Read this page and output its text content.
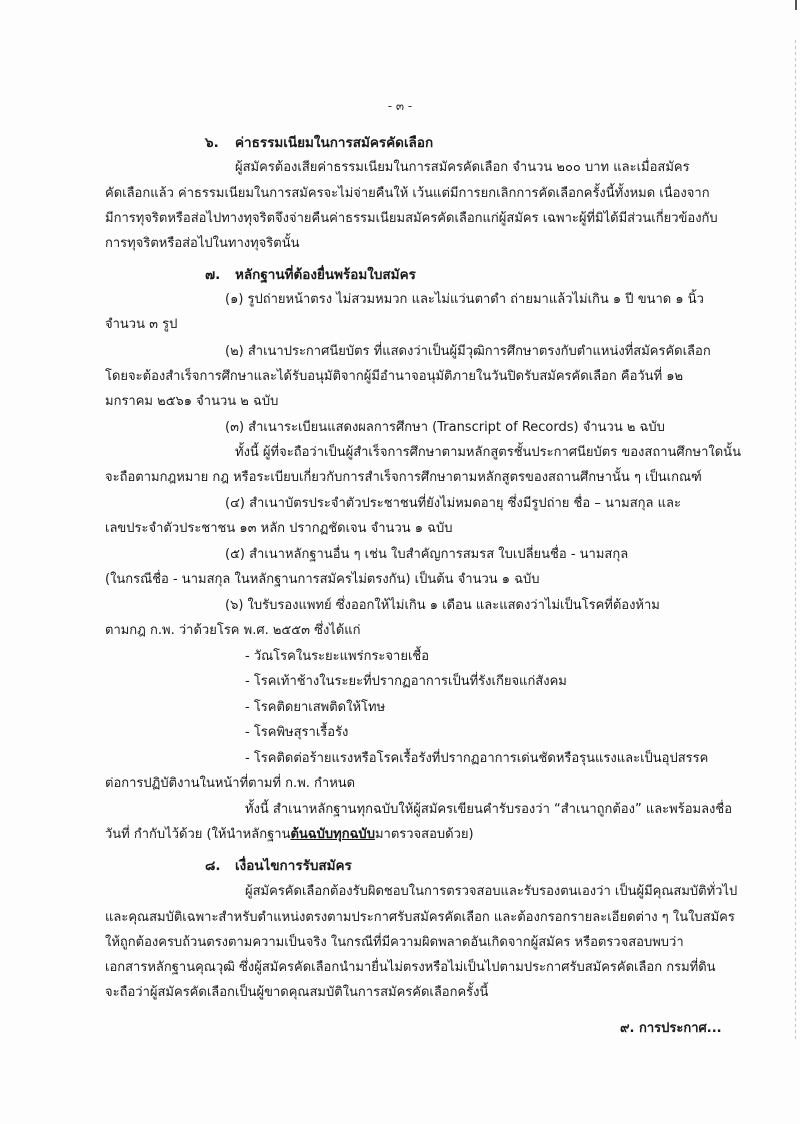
- ๓ -
๖. ค่าธรรมเนียมในการสมัครคัดเลือก
ผู้สมัครต้องเสียค่าธรรมเนียมในการสมัครคัดเลือก จำนวน ๒๐๐ บาท และเมื่อสมัคร
คัดเลือกแล้ว ค่าธรรมเนียมในการสมัครจะไม่จ่ายคืนให้ เว้นแต่มีการยกเลิกการคัดเลือกครั้งนี้ทั้งหมด เนื่องจาก
มีการทุจริตหรือส่อไปทางทุจริตจึงจ่ายคืนค่าธรรมเนียมสมัครคัดเลือกแก่ผู้สมัคร เฉพาะผู้ที่มิได้มีส่วนเกี่ยวข้องกับ
การทุจริตหรือส่อไปในทางทุจริตนั้น
๗. หลักฐานที่ต้องยื่นพร้อมใบสมัคร
(๑) รูปถ่ายหน้าตรง ไม่สวมหมวก และไม่แว่นตาดำ ถ่ายมาแล้วไม่เกิน ๑ ปี ขนาด ๑ นิ้ว
จำนวน ๓ รูป
(๒) สำเนาประกาศนียบัตร ที่แสดงว่าเป็นผู้มีวุฒิการศึกษาตรงกับตำแหน่งที่สมัครคัดเลือก
โดยจะต้องสำเร็จการศึกษาและได้รับอนุมัติจากผู้มีอำนาจอนุมัติภายในวันปิดรับสมัครคัดเลือก คือวันที่ ๑๒
มกราคม ๒๕๖๑ จำนวน ๒ ฉบับ
(๓) สำเนาระเบียนแสดงผลการศึกษา (Transcript of Records) จำนวน ๒ ฉบับ
ทั้งนี้ ผู้ที่จะถือว่าเป็นผู้สำเร็จการศึกษาตามหลักสูตรชั้นประกาศนียบัตร ของสถานศึกษาใดนั้น
จะถือตามกฎหมาย กฎ หรือระเบียบเกี่ยวกับการสำเร็จการศึกษาตามหลักสูตรของสถานศึกษานั้น ๆ เป็นเกณฑ์
(๔) สำเนาบัตรประจำตัวประชาชนที่ยังไม่หมดอายุ ซึ่งมีรูปถ่าย ชื่อ – นามสกุล และ
เลขประจำตัวประชาชน ๑๓ หลัก ปรากฏชัดเจน จำนวน ๑ ฉบับ
(๕) สำเนาหลักฐานอื่น ๆ เช่น ใบสำคัญการสมรส ใบเปลี่ยนชื่อ - นามสกุล
(ในกรณีชื่อ - นามสกุล ในหลักฐานการสมัครไม่ตรงกัน) เป็นต้น จำนวน ๑ ฉบับ
(๖) ใบรับรองแพทย์ ซึ่งออกให้ไม่เกิน ๑ เดือน และแสดงว่าไม่เป็นโรคที่ต้องห้าม
ตามกฎ ก.พ. ว่าด้วยโรค พ.ศ. ๒๕๕๓ ซึ่งได้แก่
- วัณโรคในระยะแพร่กระจายเชื้อ
- โรคเท้าช้างในระยะที่ปรากฏอาการเป็นที่รังเกียจแก่สังคม
- โรคติดยาเสพติดให้โทษ
- โรคพิษสุราเรื้อรัง
- โรคติดต่อร้ายแรงหรือโรคเรื้อรังที่ปรากฏอาการเด่นชัดหรือรุนแรงและเป็นอุปสรรค
ต่อการปฏิบัติงานในหน้าที่ตามที่ ก.พ. กำหนด
ทั้งนี้ สำเนาหลักฐานทุกฉบับให้ผู้สมัครเขียนคำรับรองว่า “สำเนาถูกต้อง” และพร้อมลงชื่อ
วันที่ กำกับไว้ด้วย (ให้นำหลักฐานต้นฉบับทุกฉบับมาตรวจสอบด้วย)
๘. เงื่อนไขการรับสมัคร
ผู้สมัครคัดเลือกต้องรับผิดชอบในการตรวจสอบและรับรองตนเองว่า เป็นผู้มีคุณสมบัติทั่วไป
และคุณสมบัติเฉพาะสำหรับตำแหน่งตรงตามประกาศรับสมัครคัดเลือก และต้องกรอกรายละเอียดต่าง ๆ ในใบสมัคร
ให้ถูกต้องครบถ้วนตรงตามความเป็นจริง ในกรณีที่มีความผิดพลาดอันเกิดจากผู้สมัคร หรือตรวจสอบพบว่า
เอกสารหลักฐานคุณวุฒิ ซึ่งผู้สมัครคัดเลือกนำมายื่นไม่ตรงหรือไม่เป็นไปตามประกาศรับสมัครคัดเลือก กรมที่ดิน
จะถือว่าผู้สมัครคัดเลือกเป็นผู้ขาดคุณสมบัติในการสมัครคัดเลือกครั้งนี้
๙. การประกาศ...
